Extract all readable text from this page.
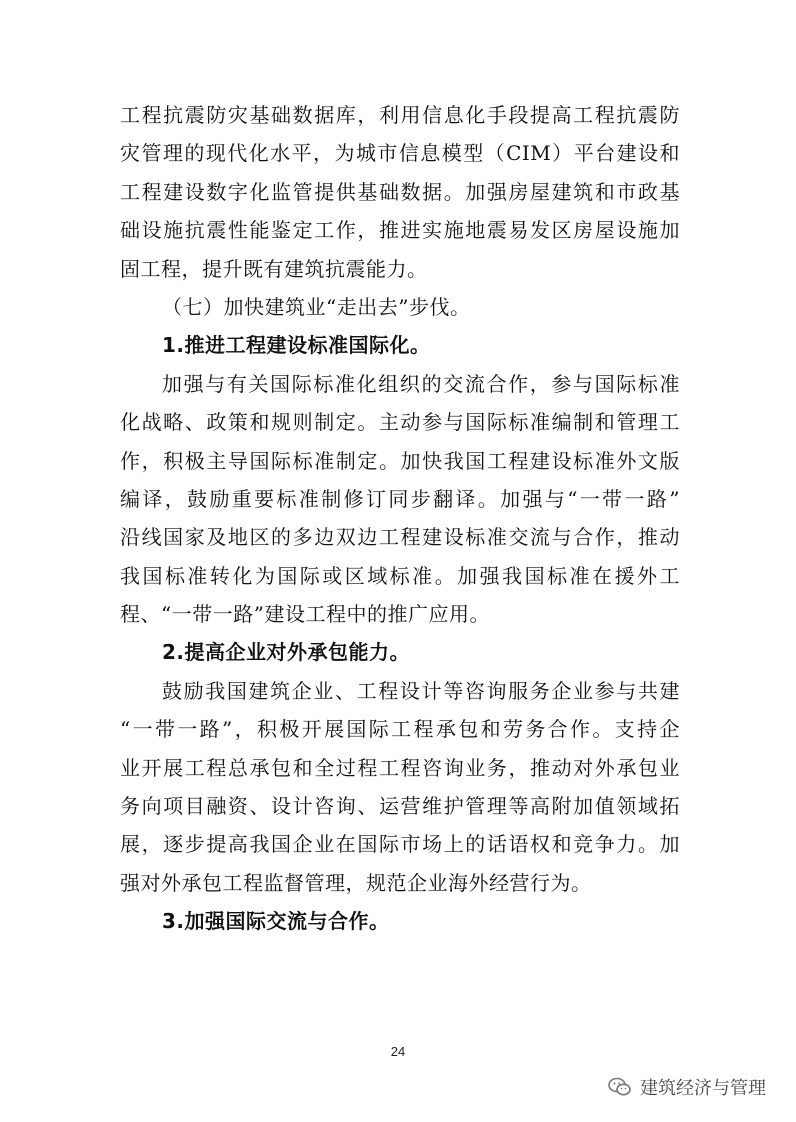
工程抗震防灾基础数据库，利用信息化手段提高工程抗震防
灾管理的现代化水平，为城市信息模型（CIM）平台建设和
工程建设数字化监管提供基础数据。加强房屋建筑和市政基
础设施抗震性能鉴定工作，推进实施地震易发区房屋设施加
固工程，提升既有建筑抗震能力。
（七）加快建筑业“走出去”步伐。
1.推进工程建设标准国际化。
加强与有关国际标准化组织的交流合作，参与国际标准
化战略、政策和规则制定。主动参与国际标准编制和管理工
作，积极主导国际标准制定。加快我国工程建设标准外文版
编译，鼓励重要标准制修订同步翻译。加强与“一带一路”
沿线国家及地区的多边双边工程建设标准交流与合作，推动
我国标准转化为国际或区域标准。加强我国标准在援外工
程、“一带一路”建设工程中的推广应用。
2.提高企业对外承包能力。
鼓励我国建筑企业、工程设计等咨询服务企业参与共建
“一带一路”，积极开展国际工程承包和劳务合作。支持企
业开展工程总承包和全过程工程咨询业务，推动对外承包业
务向项目融资、设计咨询、运营维护管理等高附加值领域拓
展，逐步提高我国企业在国际市场上的话语权和竞争力。加
强对外承包工程监督管理，规范企业海外经营行为。
3.加强国际交流与合作。
24
建筑经济与管理
